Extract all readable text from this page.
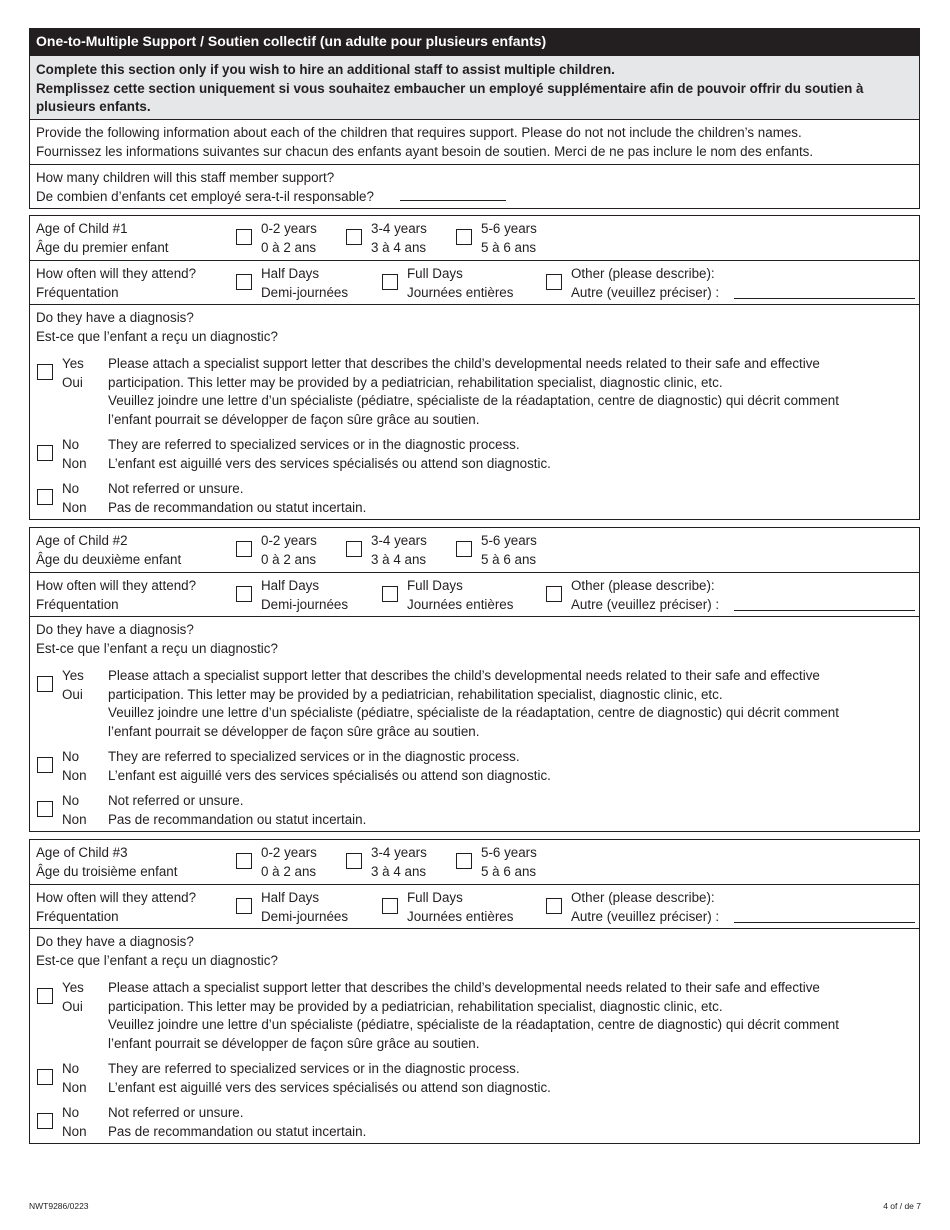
One-to-Multiple Support / Soutien collectif (un adulte pour plusieurs enfants)
Complete this section only if you wish to hire an additional staff to assist multiple children.
Remplissez cette section uniquement si vous souhaitez embaucher un employé supplémentaire afin de pouvoir offrir du soutien à
plusieurs enfants.
Provide the following information about each of the children that requires support. Please do not not include the children’s names.
Fournissez les informations suivantes sur chacun des enfants ayant besoin de soutien. Merci de ne pas inclure le nom des enfants.
How many children will this staff member support?
De combien d’enfants cet employé sera-t-il responsable?
Age of Child #1
Âge du premier enfant
0-2 years
0 à 2 ans
3-4 years
3 à 4 ans
5-6 years
5 à 6 ans
How often will they attend?
Fréquentation
Half Days
Demi-journées
Full Days
Journées entières
Other (please describe):
Autre (veuillez préciser) :
Do they have a diagnosis?
Est-ce que l’enfant a reçu un diagnostic?
Yes
Oui
Please attach a specialist support letter that describes the child’s developmental needs related to their safe and effective
participation. This letter may be provided by a pediatrician, rehabilitation specialist, diagnostic clinic, etc.
Veuillez joindre une lettre d’un spécialiste (pédiatre, spécialiste de la réadaptation, centre de diagnostic) qui décrit comment
l’enfant pourrait se développer de façon sûre grâce au soutien.
No
Non
They are referred to specialized services or in the diagnostic process.
L’enfant est aiguillé vers des services spécialisés ou attend son diagnostic.
No
Non
Not referred or unsure.
Pas de recommandation ou statut incertain.
Age of Child #2
Âge du deuxième enfant
0-2 years
0 à 2 ans
3-4 years
3 à 4 ans
5-6 years
5 à 6 ans
How often will they attend?
Fréquentation
Half Days
Demi-journées
Full Days
Journées entières
Other (please describe):
Autre (veuillez préciser) :
Do they have a diagnosis?
Est-ce que l’enfant a reçu un diagnostic?
Yes
Oui
Please attach a specialist support letter that describes the child’s developmental needs related to their safe and effective
participation. This letter may be provided by a pediatrician, rehabilitation specialist, diagnostic clinic, etc.
Veuillez joindre une lettre d’un spécialiste (pédiatre, spécialiste de la réadaptation, centre de diagnostic) qui décrit comment
l’enfant pourrait se développer de façon sûre grâce au soutien.
No
Non
They are referred to specialized services or in the diagnostic process.
L’enfant est aiguillé vers des services spécialisés ou attend son diagnostic.
No
Non
Not referred or unsure.
Pas de recommandation ou statut incertain.
Age of Child #3
Âge du troisième enfant
0-2 years
0 à 2 ans
3-4 years
3 à 4 ans
5-6 years
5 à 6 ans
How often will they attend?
Fréquentation
Half Days
Demi-journées
Full Days
Journées entières
Other (please describe):
Autre (veuillez préciser) :
Do they have a diagnosis?
Est-ce que l’enfant a reçu un diagnostic?
Yes
Oui
Please attach a specialist support letter that describes the child’s developmental needs related to their safe and effective
participation. This letter may be provided by a pediatrician, rehabilitation specialist, diagnostic clinic, etc.
Veuillez joindre une lettre d’un spécialiste (pédiatre, spécialiste de la réadaptation, centre de diagnostic) qui décrit comment
l’enfant pourrait se développer de façon sûre grâce au soutien.
No
Non
They are referred to specialized services or in the diagnostic process.
L’enfant est aiguillé vers des services spécialisés ou attend son diagnostic.
No
Non
Not referred or unsure.
Pas de recommandation ou statut incertain.
NWT9286/0223	4 of / de 7
